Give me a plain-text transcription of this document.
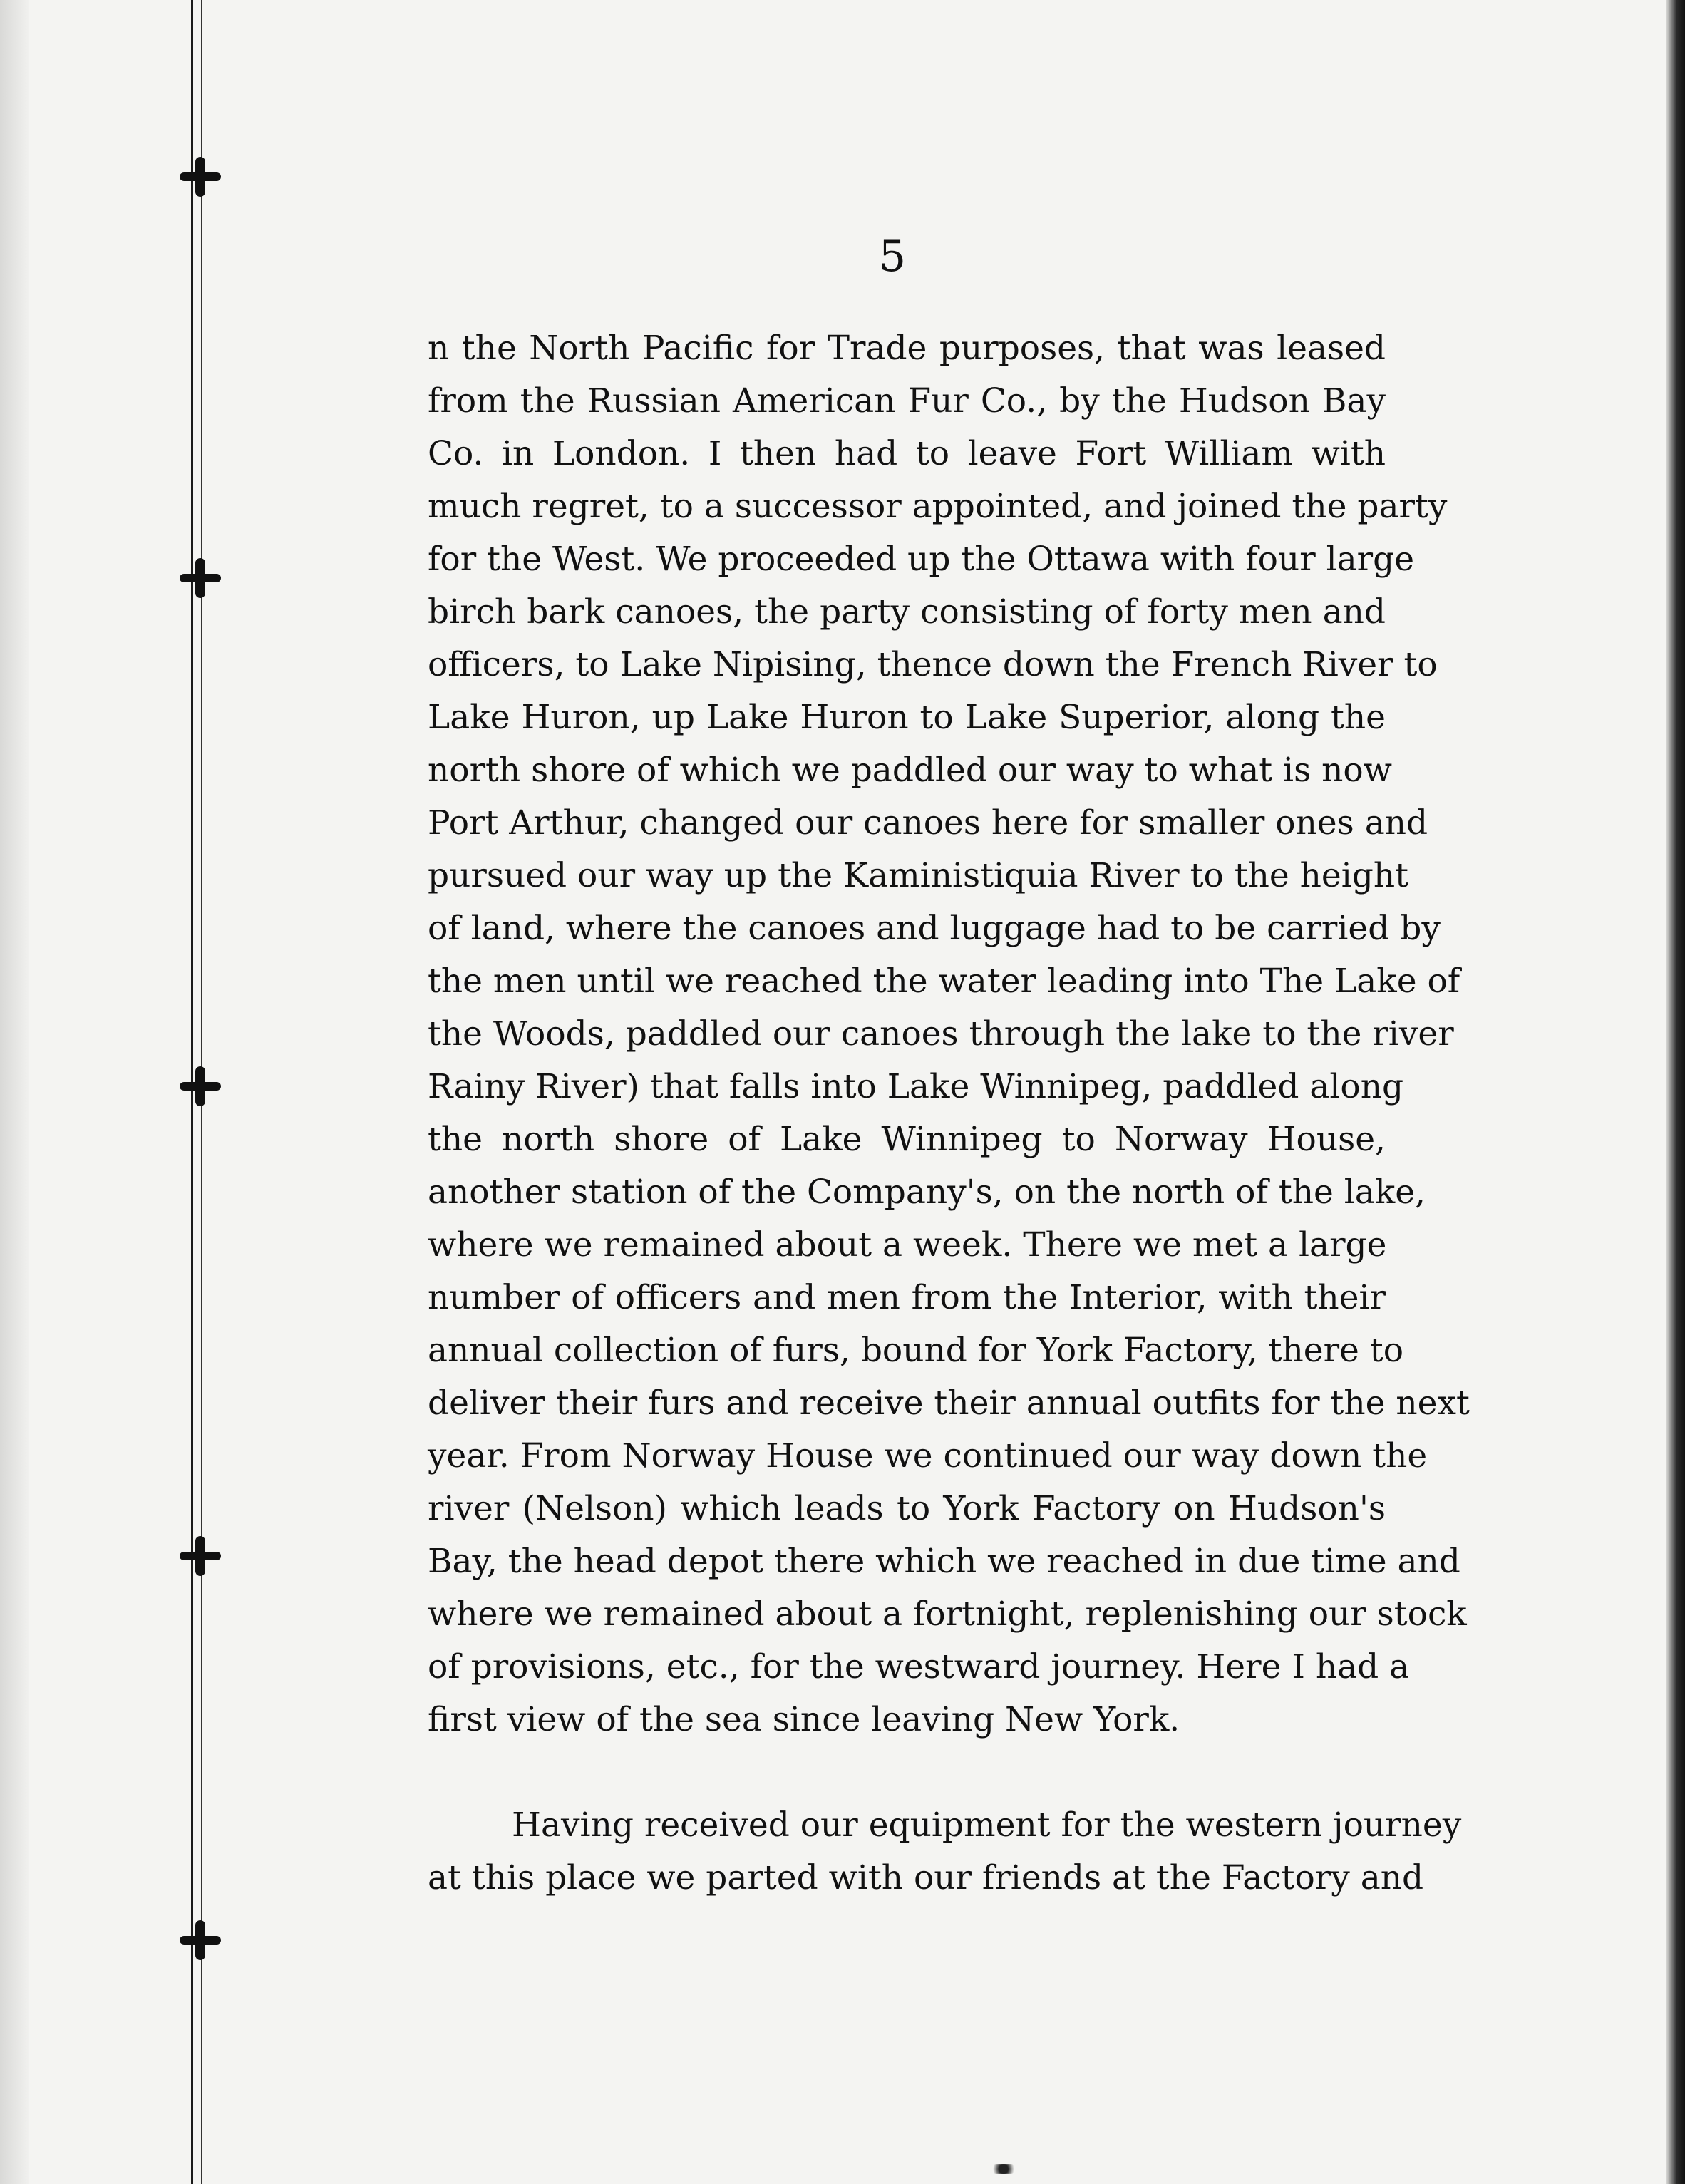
5
n the North Pacific for Trade purposes, that was leased
from the Russian American Fur Co., by the Hudson Bay
Co. in London. I then had to leave Fort William with
much regret, to a successor appointed, and joined the party
for the West. We proceeded up the Ottawa with four large
birch bark canoes, the party consisting of forty men and
officers, to Lake Nipising, thence down the French River to
Lake Huron, up Lake Huron to Lake Superior, along the
north shore of which we paddled our way to what is now
Port Arthur, changed our canoes here for smaller ones and
pursued our way up the Kaministiquia River to the height
of land, where the canoes and luggage had to be carried by
the men until we reached the water leading into The Lake of
the Woods, paddled our canoes through the lake to the river
Rainy River) that falls into Lake Winnipeg, paddled along
the north shore of Lake Winnipeg to Norway House,
another station of the Company's, on the north of the lake,
where we remained about a week. There we met a large
number of officers and men from the Interior, with their
annual collection of furs, bound for York Factory, there to
deliver their furs and receive their annual outfits for the next
year. From Norway House we continued our way down the
river (Nelson) which leads to York Factory on Hudson's
Bay, the head depot there which we reached in due time and
where we remained about a fortnight, replenishing our stock
of provisions, etc., for the westward journey. Here I had a
first view of the sea since leaving New York.
Having received our equipment for the western journey
at this place we parted with our friends at the Factory and
